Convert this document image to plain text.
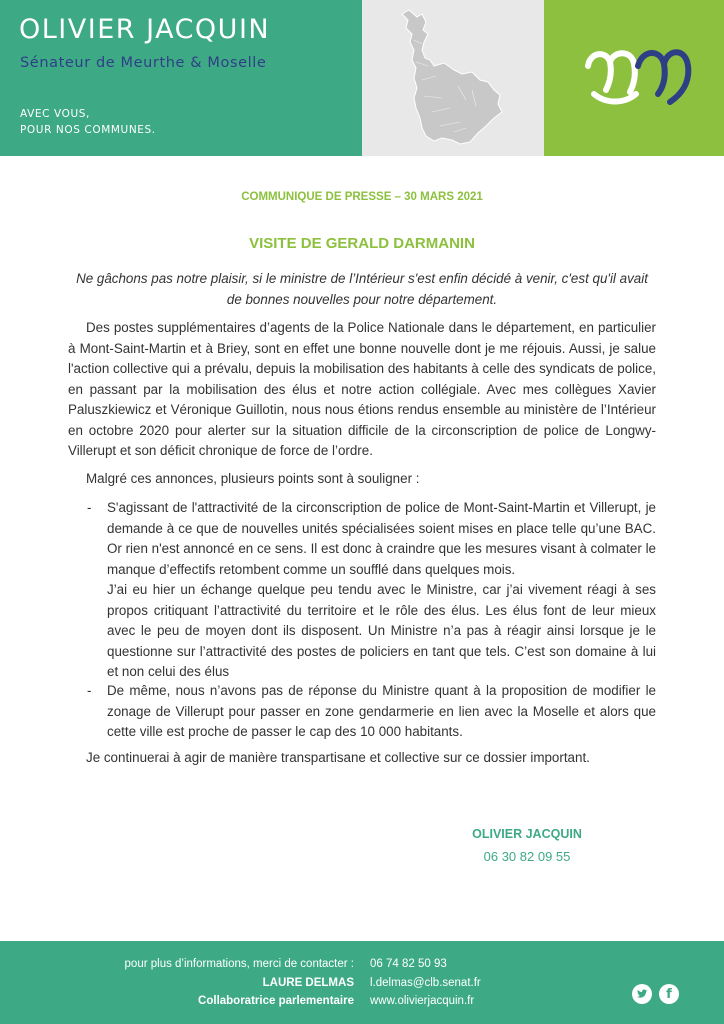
OLIVIER JACQUIN
Sénateur de Meurthe & Moselle
AVEC VOUS,
POUR NOS COMMUNES.
COMMUNIQUE DE PRESSE – 30 MARS 2021
VISITE DE GERALD DARMANIN
Ne gâchons pas notre plaisir, si le ministre de l’Intérieur s'est enfin décidé à venir, c'est qu'il avait de bonnes nouvelles pour notre département.

Des postes supplémentaires d’agents de la Police Nationale dans le département, en particulier à Mont-Saint-Martin et à Briey, sont en effet une bonne nouvelle dont je me réjouis. Aussi, je salue l'action collective qui a prévalu, depuis la mobilisation des habitants à celle des syndicats de police, en passant par la mobilisation des élus et notre action collégiale. Avec mes collègues Xavier Paluszkiewicz et Véronique Guillotin, nous nous étions rendus ensemble au ministère de l’Intérieur en octobre 2020 pour alerter sur la situation difficile de la circonscription de police de Longwy-Villerupt et son déficit chronique de force de l’ordre.

Malgré ces annonces, plusieurs points sont à souligner :

- S'agissant de l'attractivité de la circonscription de police de Mont-Saint-Martin et Villerupt, je demande à ce que de nouvelles unités spécialisées soient mises en place telle qu’une BAC. Or rien n'est annoncé en ce sens. Il est donc à craindre que les mesures visant à colmater le manque d’effectifs retombent comme un soufflé dans quelques mois.
J’ai eu hier un échange quelque peu tendu avec le Ministre, car j’ai vivement réagi à ses propos critiquant l’attractivité du territoire et le rôle des élus. Les élus font de leur mieux avec le peu de moyen dont ils disposent. Un Ministre n’a pas à réagir ainsi lorsque je le questionne sur l’attractivité des postes de policiers en tant que tels. C’est son domaine à lui et non celui des élus
- De même, nous n’avons pas de réponse du Ministre quant à la proposition de modifier le zonage de Villerupt pour passer en zone gendarmerie en lien avec la Moselle et alors que cette ville est proche de passer le cap des 10 000 habitants.

Je continuerai à agir de manière transpartisane et collective sur ce dossier important.

OLIVIER JACQUIN
06 30 82 09 55
pour plus d’informations, merci de contacter :
LAURE DELMAS
Collaboratrice parlementaire
06 74 82 50 93
l.delmas@clb.senat.fr
www.olivierjacquin.fr	f
